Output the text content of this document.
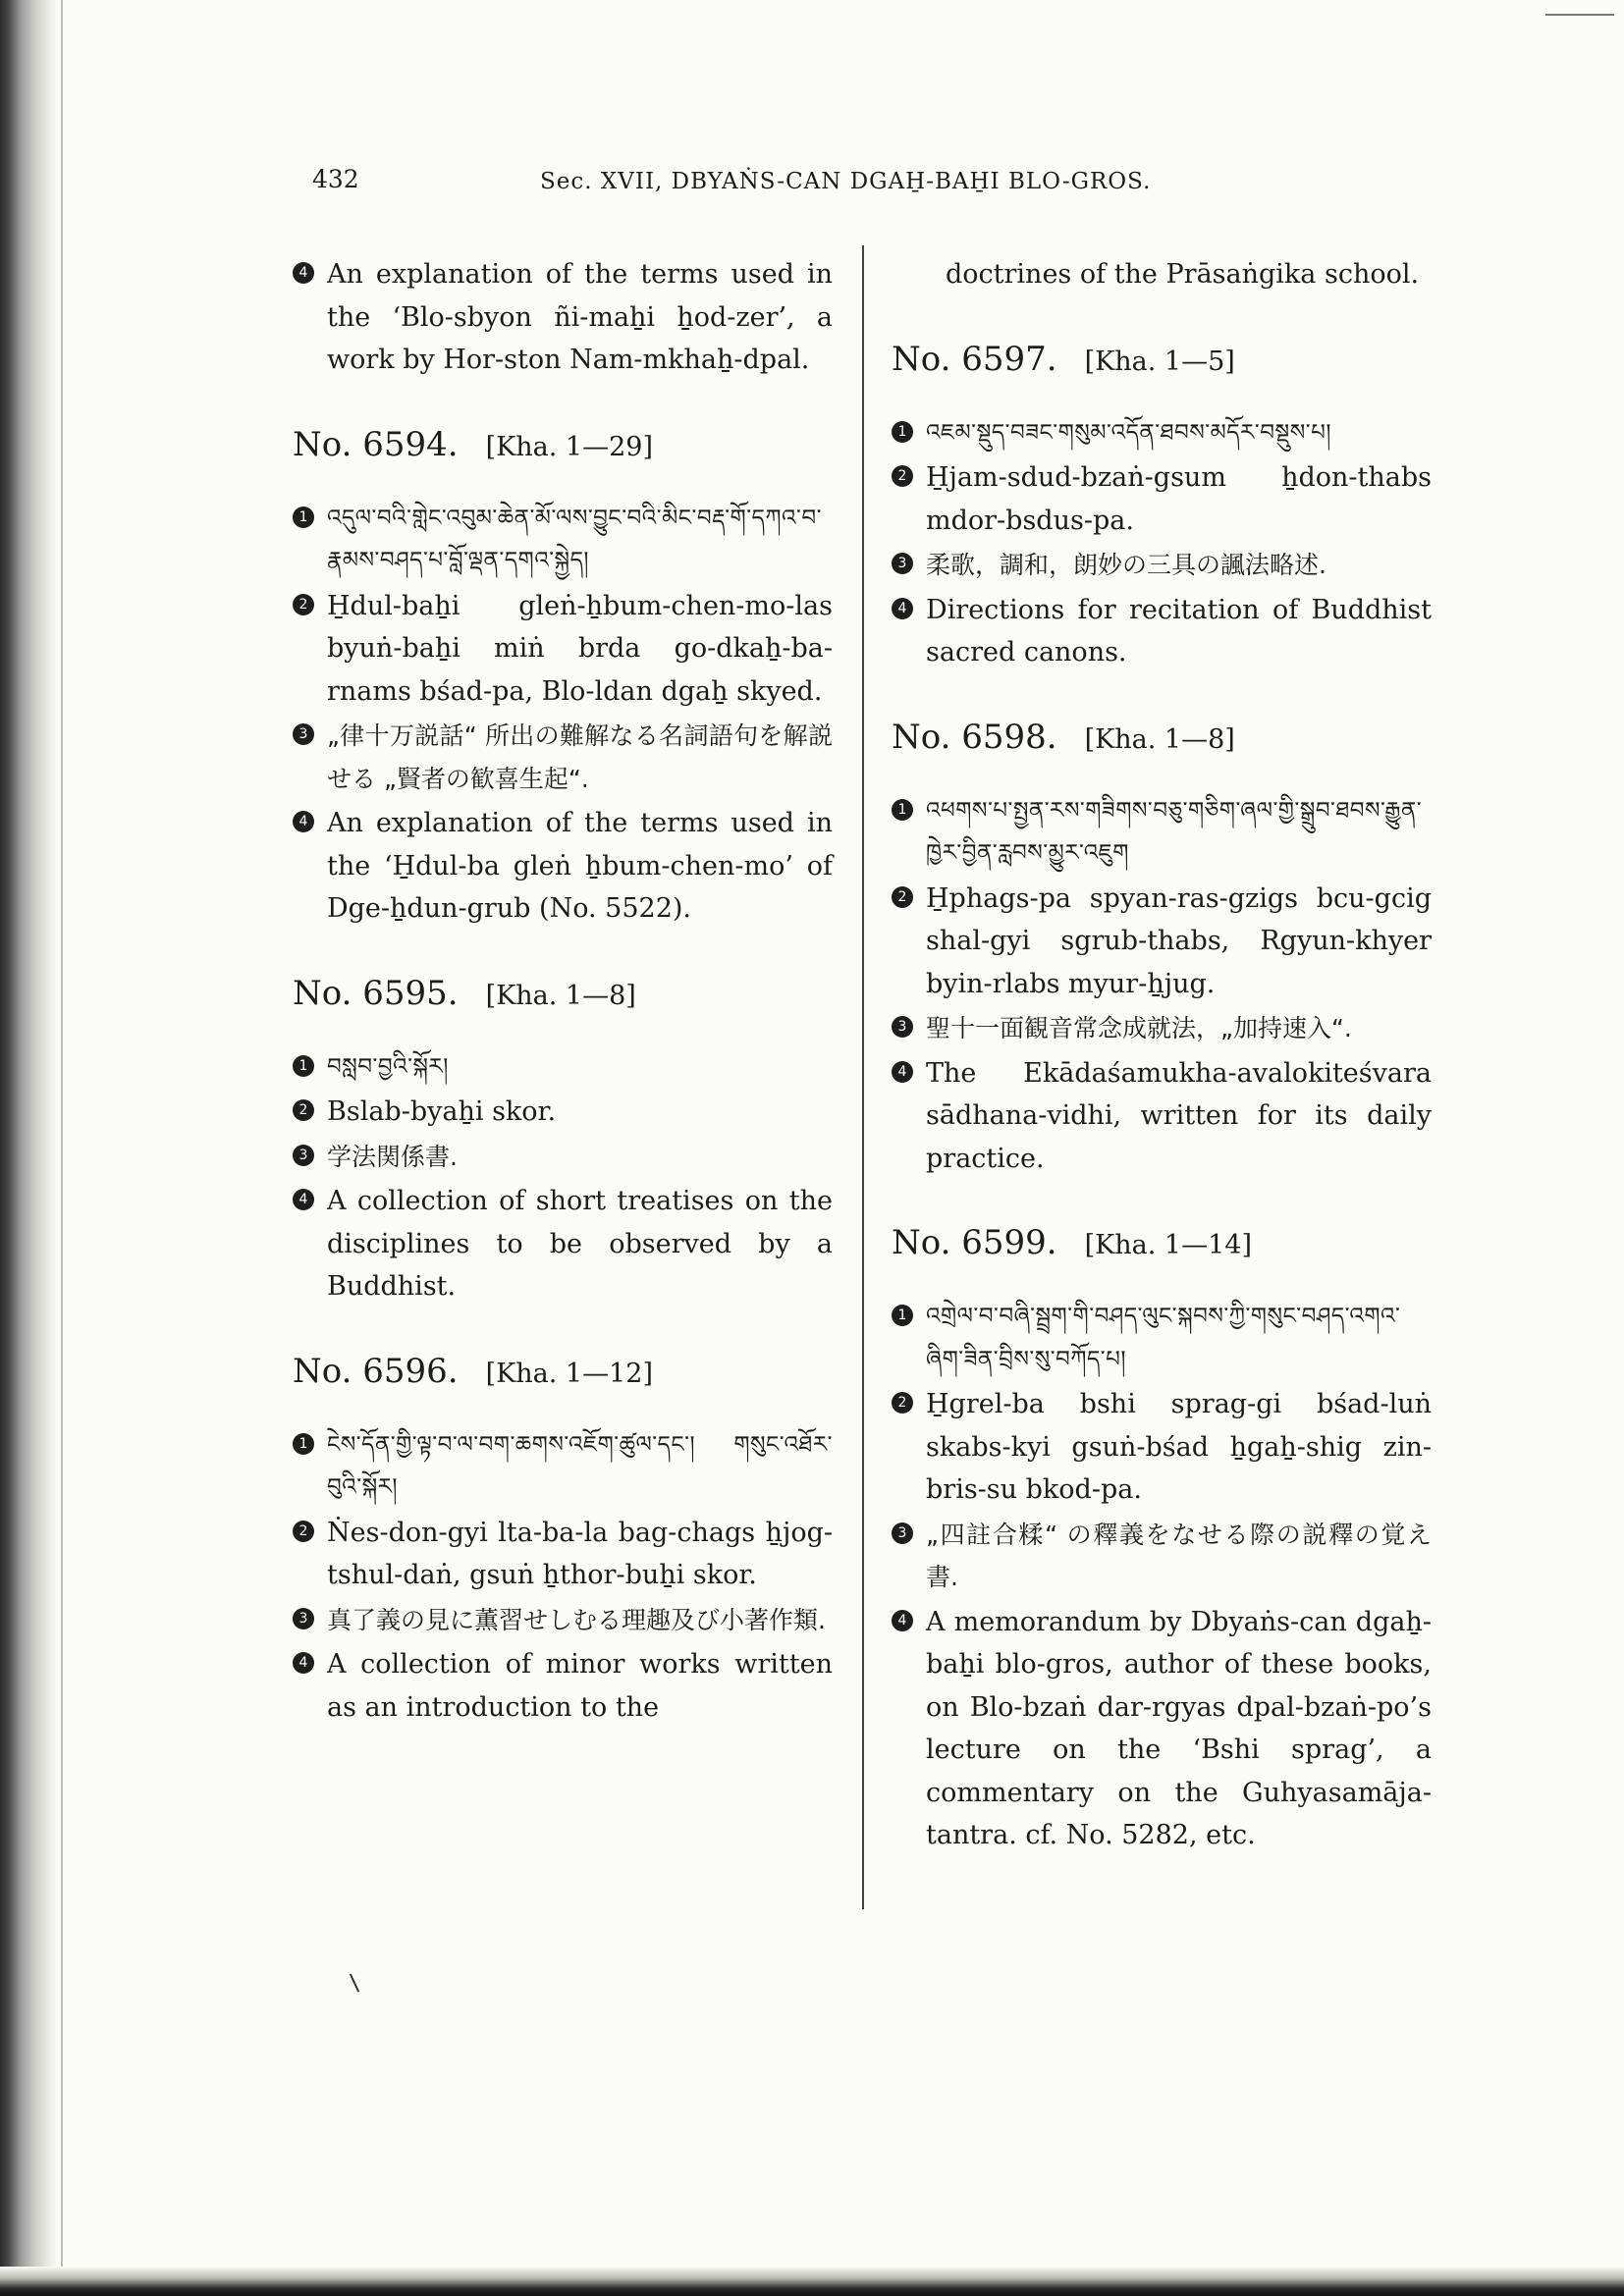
432	Sec. XVII, DBYAṄS-CAN DGAH̱-BAH̱I BLO-GROS.
4 An explanation of the terms used in the ‘Blo-sbyon ñi-maẖi ẖod-zer’, a work by Hor-ston Nam-mkhaẖ-dpal.
No. 6594. [Kha. 1—29]
1 འདུལ་བའི་གླེང་འབུམ་ཆེན་མོ་ལས་བྱུང་བའི་མིང་བརྡ་གོ་དཀའ་བ་རྣམས་བཤད་པ་བློ་ལྡན་དགའ་སྐྱེད།
2 H̱dul-baẖi gleṅ-ẖbum-chen-mo-las byuṅ-baẖi miṅ brda go-dkaẖ-ba-rnams bśad-pa, Blo-ldan dgaẖ skyed.
3 „律十万説話“ 所出の難解なる名詞語句を解説せる „賢者の歓喜生起“.
4 An explanation of the terms used in the ‘H̱dul-ba gleṅ ẖbum-chen-mo’ of Dge-ẖdun-grub (No. 5522).
No. 6595. [Kha. 1—8]
1 བསླབ་བྱའི་སྐོར།
2 Bslab-byaẖi skor.
3 学法関係書.
4 A collection of short treatises on the disciplines to be observed by a Buddhist.
No. 6596. [Kha. 1—12]
1 ངེས་དོན་གྱི་ལྟ་བ་ལ་བག་ཆགས་འཇོག་ཚུལ་དང་། གསུང་འཐོར་བུའི་སྐོར།
2 Ṅes-don-gyi lta-ba-la bag-chags ẖjog-tshul-daṅ, gsuṅ ẖthor-buẖi skor.
3 真了義の見に薫習せしむる理趣及び小著作類.
4 A collection of minor works written as an introduction to the
doctrines of the Prāsaṅgika school.
No. 6597. [Kha. 1—5]
1 འཇམ་སྡུད་བཟང་གསུམ་འདོན་ཐབས་མདོར་བསྡུས་པ།
2 H̱jam-sdud-bzaṅ-gsum ẖdon-thabs mdor-bsdus-pa.
3 柔歌，調和，朗妙の三具の諷法略述.
4 Directions for recitation of Buddhist sacred canons.
No. 6598. [Kha. 1—8]
1 འཕགས་པ་སྤྱན་རས་གཟིགས་བཅུ་གཅིག་ཞལ་གྱི་སྒྲུབ་ཐབས་རྒྱུན་ཁྱེར་བྱིན་རླབས་མྱུར་འཇུག
2 H̱phags-pa spyan-ras-gzigs bcu-gcig shal-gyi sgrub-thabs, Rgyun-khyer byin-rlabs myur-ẖjug.
3 聖十一面観音常念成就法，„加持速入“.
4 The Ekādaśamukha-avalokiteśvara sādhana-vidhi, written for its daily practice.
No. 6599. [Kha. 1—14]
1 འགྲེལ་བ་བཞི་སྦྲག་གི་བཤད་ལུང་སྐབས་ཀྱི་གསུང་བཤད་འགའ་ཞིག་ཟིན་བྲིས་སུ་བཀོད་པ།
2 H̱grel-ba bshi sprag-gi bśad-luṅ skabs-kyi gsuṅ-bśad ẖgaẖ-shig zin-bris-su bkod-pa.
3 „四註合糅“ の釋義をなせる際の説釋の覚え書.
4 A memorandum by Dbyaṅs-can dgaẖ-baẖi blo-gros, author of these books, on Blo-bzaṅ dar-rgyas dpal-bzaṅ-po’s lecture on the ‘Bshi sprag’, a commentary on the Guhyasamāja-tantra. cf. No. 5282, etc.
